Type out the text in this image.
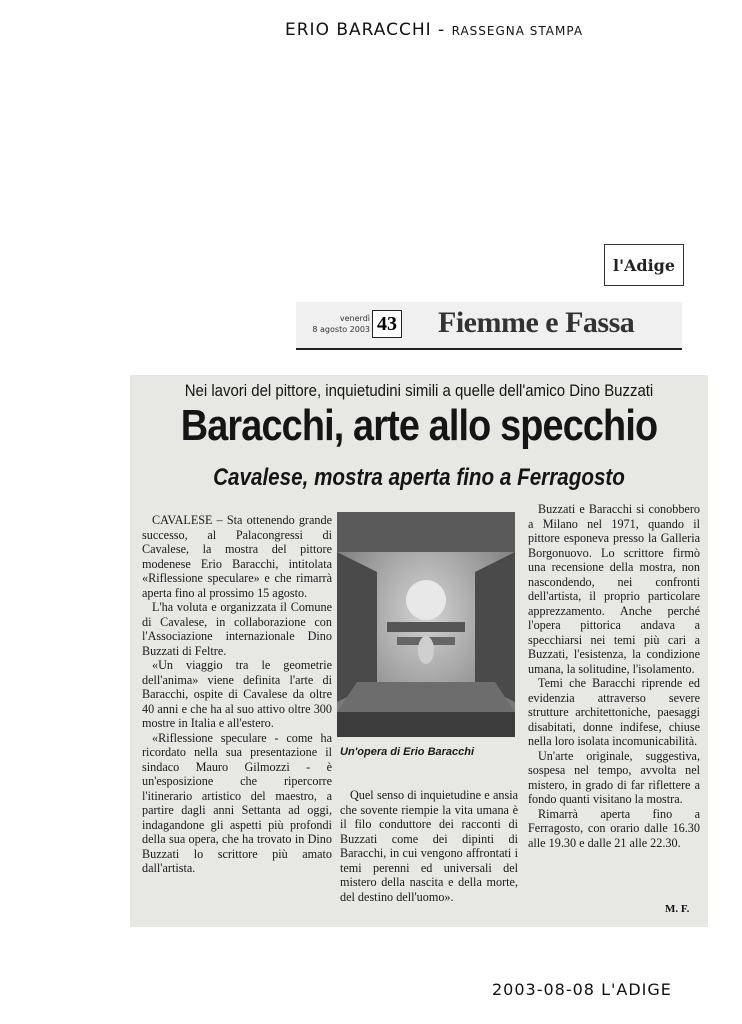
ERIO BARACCHI - RASSEGNA STAMPA
l'Adige
venerdì
8 agosto 2003 43 Fiemme e Fassa
Nei lavori del pittore, inquietudini simili a quelle dell'amico Dino Buzzati
Baracchi, arte allo specchio
Cavalese, mostra aperta fino a Ferragosto

CAVALESE – Sta ottenendo grande successo, al Palacongressi di Cavalese, la mostra del pittore modenese Erio Baracchi, intitolata «Riflessione speculare» e che rimarrà aperta fino al prossimo 15 agosto.

L'ha voluta e organizzata il Comune di Cavalese, in collaborazione con l'Associazione internazionale Dino Buzzati di Feltre.

«Un viaggio tra le geometrie dell'anima» viene definita l'arte di Baracchi, ospite di Cavalese da oltre 40 anni e che ha al suo attivo oltre 300 mostre in Italia e all'estero.

«Riflessione speculare - come ha ricordato nella sua presentazione il sindaco Mauro Gilmozzi - è un'esposizione che ripercorre l'itinerario artistico del maestro, a partire dagli anni Settanta ad oggi, indagandone gli aspetti più profondi della sua opera, che ha trovato in Dino Buzzati lo scrittore più amato dall'artista.

Un'opera di Erio Baracchi

Quel senso di inquietudine e ansia che sovente riempie la vita umana è il filo conduttore dei racconti di Buzzati come dei dipinti di Baracchi, in cui vengono affrontati i temi perenni ed universali del mistero della nascita e della morte, del destino dell'uomo».

Buzzati e Baracchi si conobbero a Milano nel 1971, quando il pittore esponeva presso la Galleria Borgonuovo. Lo scrittore firmò una recensione della mostra, non nascondendo, nei confronti dell'artista, il proprio particolare apprezzamento. Anche perché l'opera pittorica andava a specchiarsi nei temi più cari a Buzzati, l'esistenza, la condizione umana, la solitudine, l'isolamento.

Temi che Baracchi riprende ed evidenzia attraverso severe strutture architettoniche, paesaggi disabitati, donne indifese, chiuse nella loro isolata incomunicabilità.

Un'arte originale, suggestiva, sospesa nel tempo, avvolta nel mistero, in grado di far riflettere a fondo quanti visitano la mostra.

Rimarrà aperta fino a Ferragosto, con orario dalle 16.30 alle 19.30 e dalle 21 alle 22.30.

M. F.
2003-08-08 L'ADIGE
